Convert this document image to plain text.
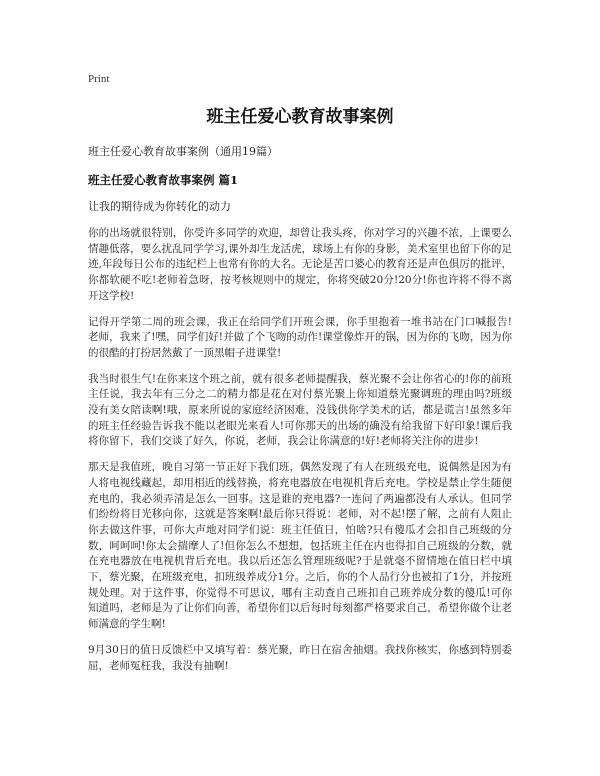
Print
班主任爱心教育故事案例
班主任爱心教育故事案例（通用19篇）
班主任爱心教育故事案例 篇1
让我的期待成为你转化的动力

你的出场就很特别，你受许多同学的欢迎，却曾让我头疼，你对学习的兴趣不浓，上课要么情趣低落，要么扰乱同学学习,课外却生龙活虎，球场上有你的身影，美术室里也留下你的足迹,年段每日公布的违纪栏上也常有你的大名。无论是苦口婆心的教育还是声色俱厉的批评，你都软硬不吃!老师着急呀，按考核规则中的规定，你将突破20分!20分!你也许将不得不离开这学校!

记得开学第二周的班会课，我正在给同学们开班会课，你手里抱着一堆书站在门口喊报告!老师，我来了!嘿，同学们好!并做了个飞吻的动作!课堂像炸开的锅，因为你的飞吻，因为你的很酷的打扮居然戴了一顶黑帽子进课堂!

我当时很生气!在你来这个班之前，就有很多老师提醒我，蔡光聚不会让你省心的!你的前班主任说，我去年有三分之二的精力都是花在对付蔡光聚上你知道蔡光聚调班的理由吗?班级没有美女陪读啊!哦，原来所说的家庭经济困难，没钱供你学美术的话，都是谎言!虽然多年的班主任经验告诉我不能以老眼光来看人!可你那天的出场的确没有给我留下好印象!课后我将你留下，我们交谈了好久，你说，老师，我会让你满意的!好!老师将关注你的进步!

那天是我值班，晚自习第一节正好下我们班，偶然发现了有人在班级充电，说偶然是因为有人将电视线藏起，却用相近的线替换，将充电器放在电视机背后充电。学校是禁止学生随便充电的，我必须弄清是怎么一回事。这是谁的充电器?一连问了两遍都没有人承认。但同学们纷纷将目光移向你，这就是答案啊!最后你只得说：老师，对不起!摆了解，之前有人阻止你去做这件事，可你大声地对同学们说：班主任值日，怕啥?只有傻瓜才会扣自己班级的分数，呵呵呵!你太会揣摩人了!但你怎么不想想，包括班主任在内也得扣自己班级的分数，就在充电器放在电视机背后充电。我以后还怎么管理班级呢?于是就毫不留情地在值日栏中填下，蔡光聚，在班级充电，扣班级养成分1分。之后，你的个人品行分也被扣了1分，并按班规处理。对于这件事，你觉得不可思议，哪有主动查自己班扣自己班养成分数的傻瓜!可你知道吗，老师是为了让你们向善，希望你们以后每时每刻都严格要求自己，希望你做个让老师满意的学生啊!

9月30日的值日反馈栏中又填写着：蔡光聚，昨日在宿舍抽烟。我找你核实，你感到特别委屈，老师冤枉我，我没有抽啊!
